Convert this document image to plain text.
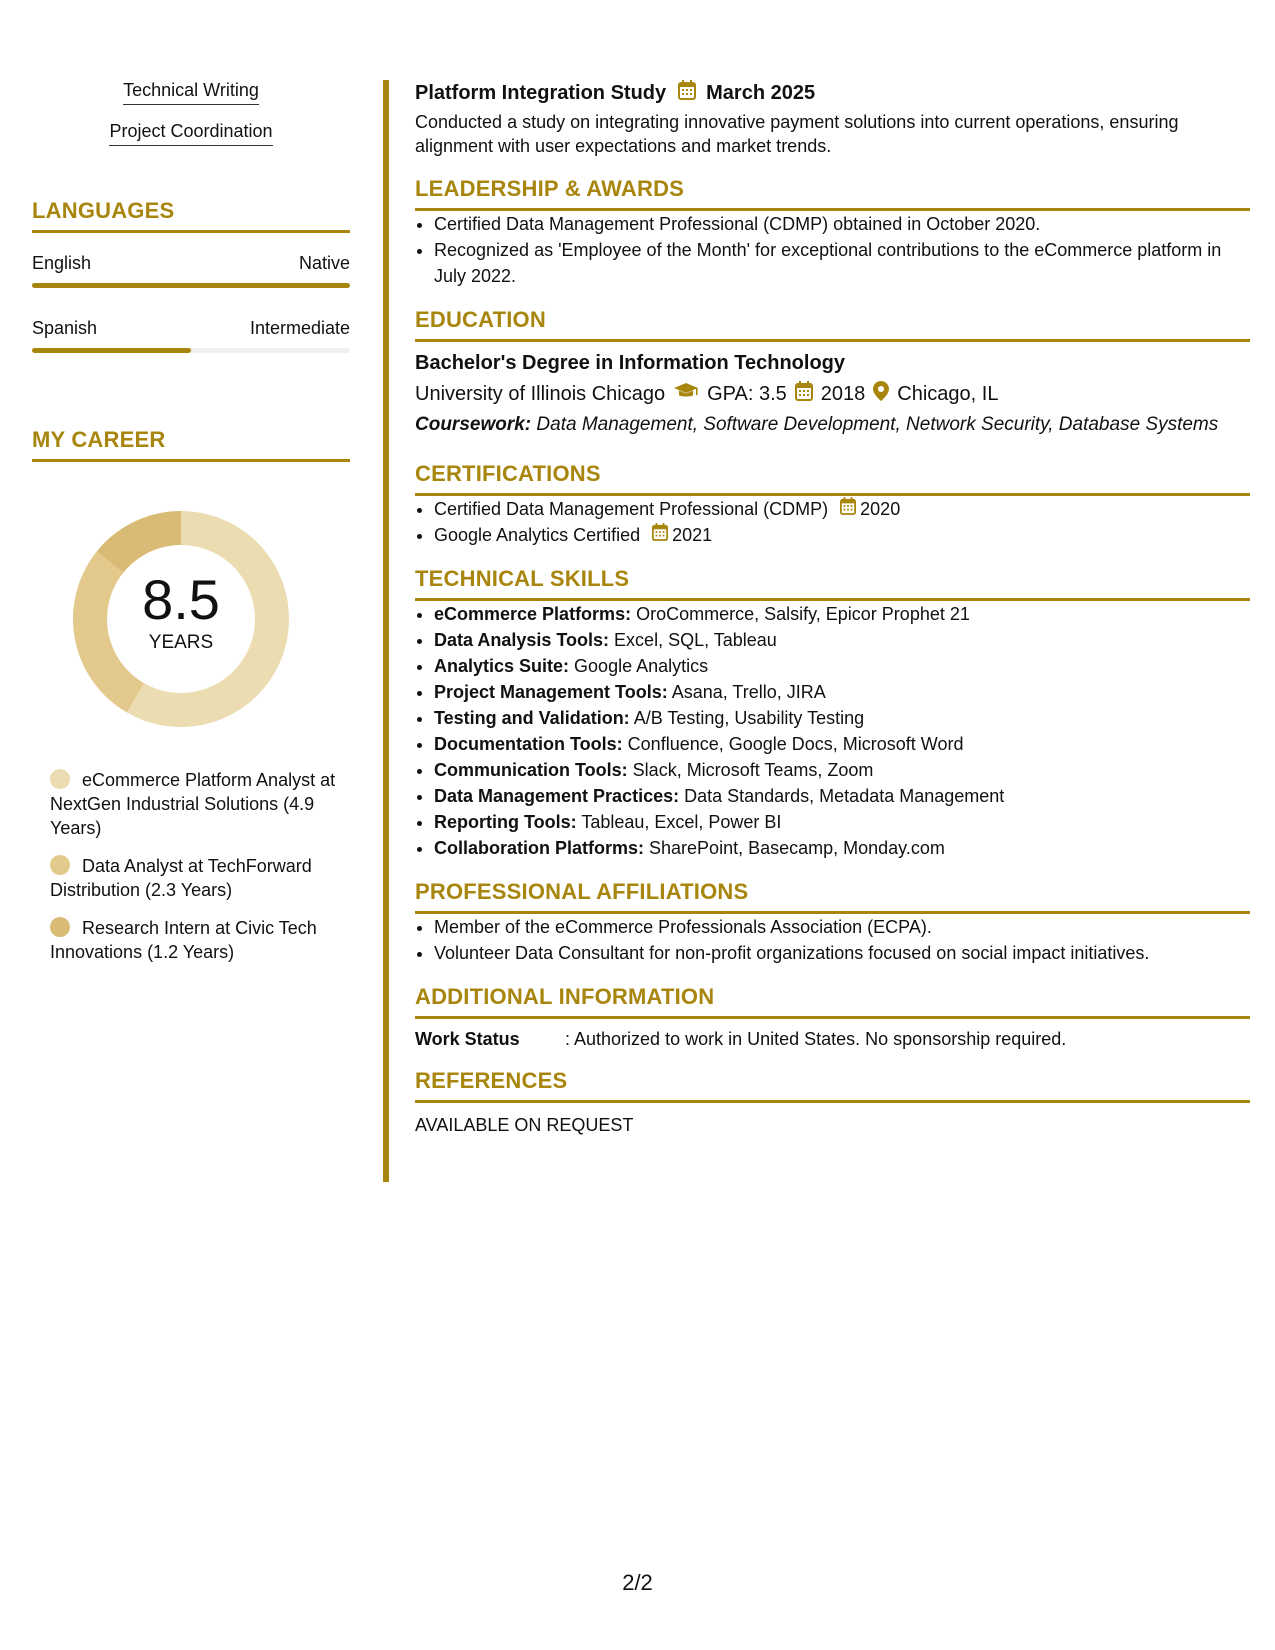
Technical Writing
Project Coordination
LANGUAGES
English	Native
Spanish	Intermediate
MY CAREER
8.5
YEARS
eCommerce Platform Analyst at NextGen Industrial Solutions (4.9 Years)
Data Analyst at TechForward Distribution (2.3 Years)
Research Intern at Civic Tech Innovations (1.2 Years)
Platform Integration Study March 2025
Conducted a study on integrating innovative payment solutions into current operations, ensuring alignment with user expectations and market trends.
LEADERSHIP & AWARDS
• Certified Data Management Professional (CDMP) obtained in October 2020.
• Recognized as 'Employee of the Month' for exceptional contributions to the eCommerce platform in July 2022.
EDUCATION
Bachelor's Degree in Information Technology
University of Illinois Chicago GPA: 3.5 2018 Chicago, IL
Coursework: Data Management, Software Development, Network Security, Database Systems
CERTIFICATIONS
• Certified Data Management Professional (CDMP) 2020
• Google Analytics Certified 2021
TECHNICAL SKILLS
• eCommerce Platforms: OroCommerce, Salsify, Epicor Prophet 21
• Data Analysis Tools: Excel, SQL, Tableau
• Analytics Suite: Google Analytics
• Project Management Tools: Asana, Trello, JIRA
• Testing and Validation: A/B Testing, Usability Testing
• Documentation Tools: Confluence, Google Docs, Microsoft Word
• Communication Tools: Slack, Microsoft Teams, Zoom
• Data Management Practices: Data Standards, Metadata Management
• Reporting Tools: Tableau, Excel, Power BI
• Collaboration Platforms: SharePoint, Basecamp, Monday.com
PROFESSIONAL AFFILIATIONS
• Member of the eCommerce Professionals Association (ECPA).
• Volunteer Data Consultant for non-profit organizations focused on social impact initiatives.
ADDITIONAL INFORMATION
Work Status	: Authorized to work in United States. No sponsorship required.
REFERENCES
AVAILABLE ON REQUEST
2/2
